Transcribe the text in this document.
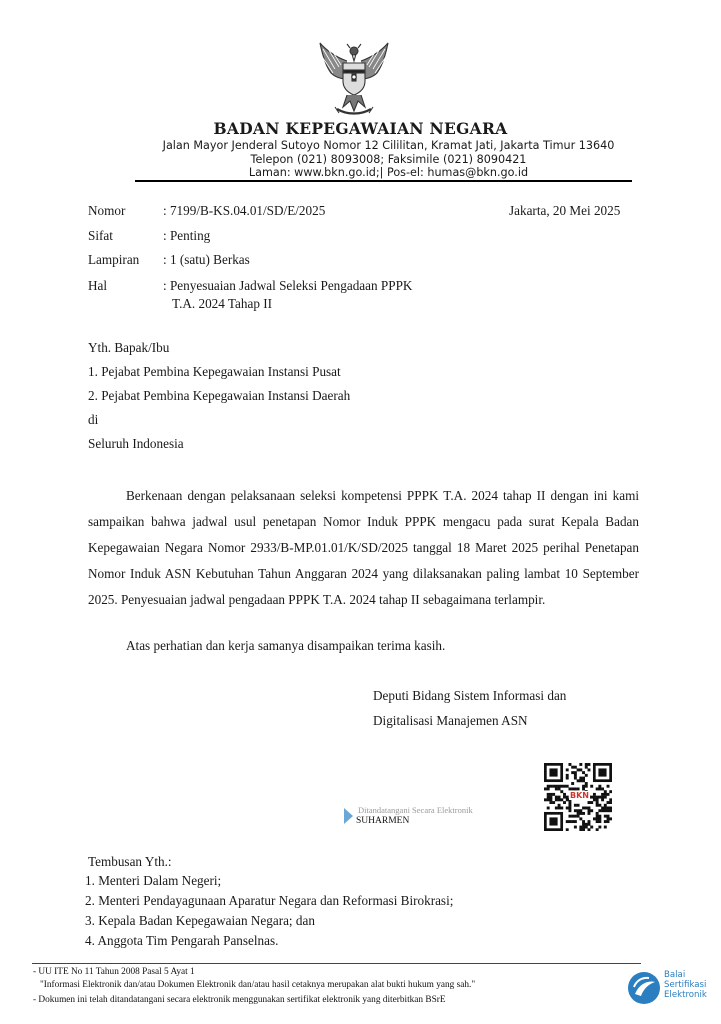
BADAN KEPEGAWAIAN NEGARA
Jalan Mayor Jenderal Sutoyo Nomor 12 Cililitan, Kramat Jati, Jakarta Timur 13640
Telepon (021) 8093008; Faksimile (021) 8090421
Laman: www.bkn.go.id;| Pos-el: humas@bkn.go.id
Nomor	: 7199/B-KS.04.01/SD/E/2025	Jakarta, 20 Mei 2025
Sifat	: Penting
Lampiran : 1 (satu) Berkas
Hal	: Penyesuaian Jadwal Seleksi Pengadaan PPPK
T.A. 2024 Tahap II
Yth. Bapak/Ibu
1. Pejabat Pembina Kepegawaian Instansi Pusat
2. Pejabat Pembina Kepegawaian Instansi Daerah
di
Seluruh Indonesia
Berkenaan dengan pelaksanaan seleksi kompetensi PPPK T.A. 2024 tahap II dengan ini kami sampaikan bahwa jadwal usul penetapan Nomor Induk PPPK mengacu pada surat Kepala Badan Kepegawaian Negara Nomor 2933/B-MP.01.01/K/SD/2025 tanggal 18 Maret 2025 perihal Penetapan Nomor Induk ASN Kebutuhan Tahun Anggaran 2024 yang dilaksanakan paling lambat 10 September 2025. Penyesuaian jadwal pengadaan PPPK T.A. 2024 tahap II sebagaimana terlampir.
Atas perhatian dan kerja samanya disampaikan terima kasih.
Deputi Bidang Sistem Informasi dan
Digitalisasi Manajemen ASN
Ditandatangani Secara Elektronik
SUHARMEN
BKN
Tembusan Yth.:
1. Menteri Dalam Negeri;
2. Menteri Pendayagunaan Aparatur Negara dan Reformasi Birokrasi;
3. Kepala Badan Kepegawaian Negara; dan
4. Anggota Tim Pengarah Panselnas.
- UU ITE No 11 Tahun 2008 Pasal 5 Ayat 1
"Informasi Elektronik dan/atau Dokumen Elektronik dan/atau hasil cetaknya merupakan alat bukti hukum yang sah."
- Dokumen ini telah ditandatangani secara elektronik menggunakan sertifikat elektronik yang diterbitkan BSrE
Balai
Sertifikasi
Elektronik
